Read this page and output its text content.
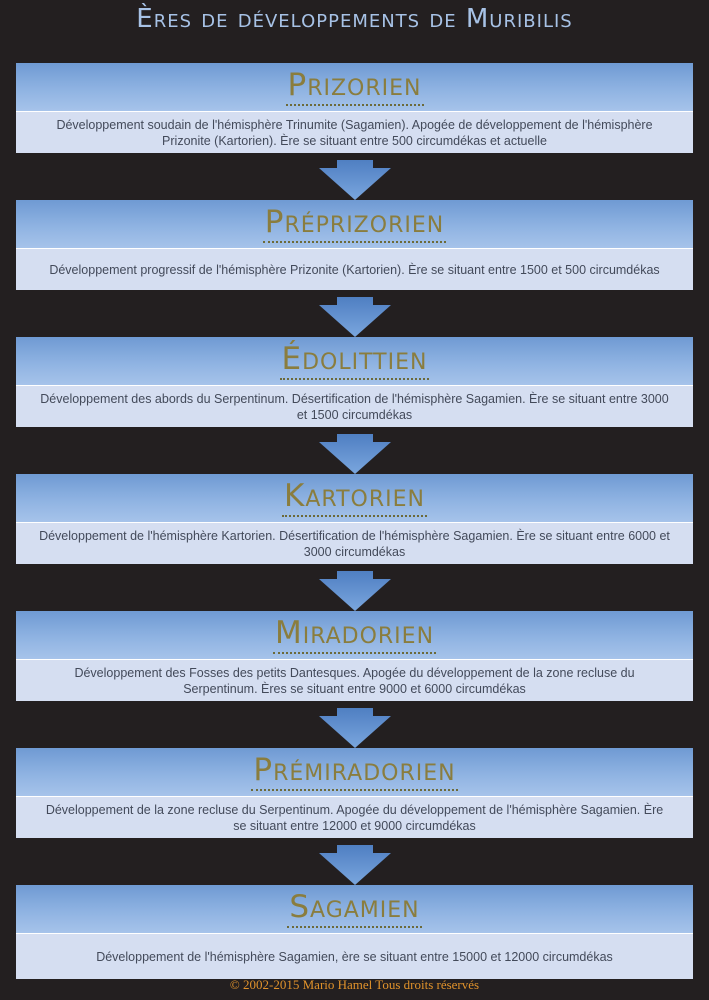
Ères de développements de Muribilis
Prizorien
Développement soudain de l'hémisphère Trinumite (Sagamien). Apogée de développement de l'hémisphère Prizonite (Kartorien). Ère se situant entre 500 circumdékas et actuelle
Préprizorien
Développement progressif de l'hémisphère Prizonite (Kartorien). Ère se situant entre 1500 et 500 circumdékas
Édolittien
Développement des abords du Serpentinum. Désertification de l'hémisphère Sagamien. Ère se situant entre 3000 et 1500 circumdékas
Kartorien
Développement de l'hémisphère Kartorien. Désertification de l'hémisphère Sagamien. Ère se situant entre 6000 et 3000 circumdékas
Miradorien
Développement des Fosses des petits Dantesques. Apogée du développement de la zone recluse du Serpentinum. Ères se situant entre 9000 et 6000 circumdékas
Prémiradorien
Développement de la zone recluse du Serpentinum. Apogée du développement de l'hémisphère Sagamien. Ère se situant entre 12000 et 9000 circumdékas
Sagamien
Développement de l'hémisphère Sagamien, ère se situant entre 15000 et 12000 circumdékas
© 2002-2015 Mario Hamel Tous droits réservés
